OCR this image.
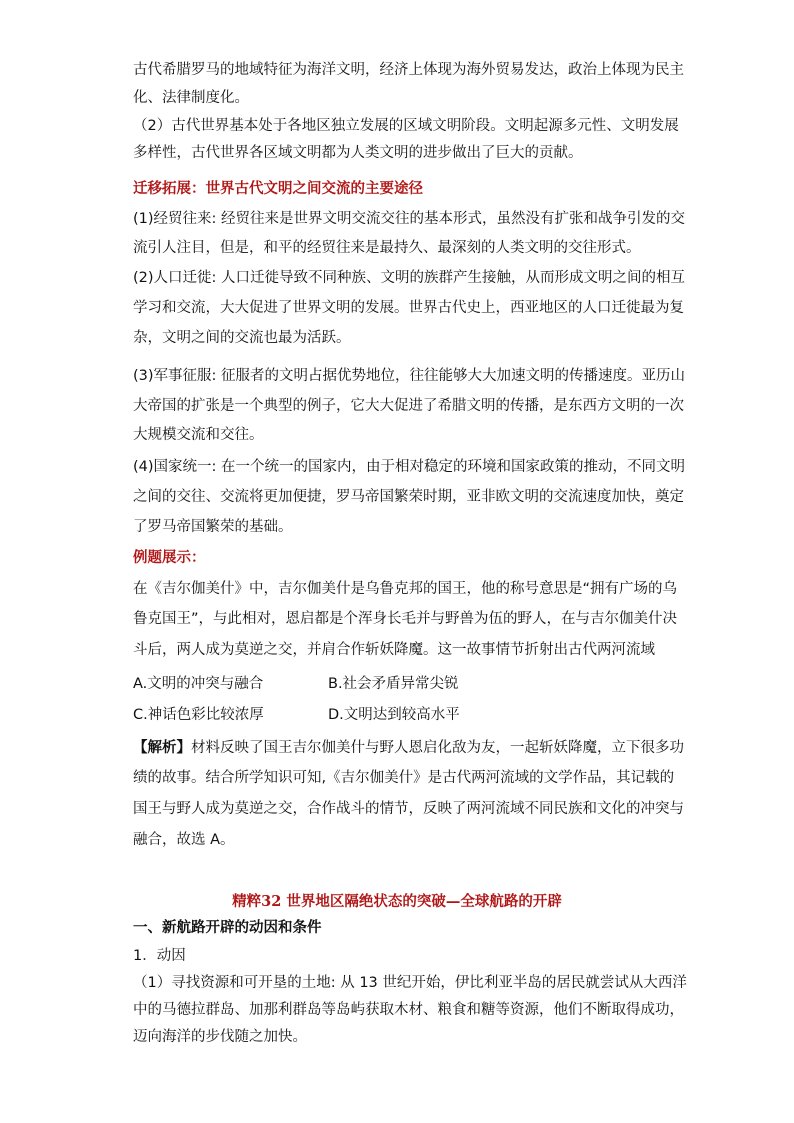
古代希腊罗马的地域特征为海洋文明，经济上体现为海外贸易发达，政治上体现为民主
化、法律制度化。
（2）古代世界基本处于各地区独立发展的区域文明阶段。文明起源多元性、文明发展
多样性，古代世界各区域文明都为人类文明的进步做出了巨大的贡献。
迁移拓展：世界古代文明之间交流的主要途径
(1)经贸往来: 经贸往来是世界文明交流交往的基本形式，虽然没有扩张和战争引发的交
流引人注目，但是，和平的经贸往来是最持久、最深刻的人类文明的交往形式。
(2)人口迁徙: 人口迁徙导致不同种族、文明的族群产生接触，从而形成文明之间的相互
学习和交流，大大促进了世界文明的发展。世界古代史上，西亚地区的人口迁徙最为复
杂，文明之间的交流也最为活跃。
(3)军事征服: 征服者的文明占据优势地位，往往能够大大加速文明的传播速度。亚历山
大帝国的扩张是一个典型的例子，它大大促进了希腊文明的传播，是东西方文明的一次
大规模交流和交往。
(4)国家统一: 在一个统一的国家内，由于相对稳定的环境和国家政策的推动，不同文明
之间的交往、交流将更加便捷，罗马帝国繁荣时期，亚非欧文明的交流速度加快，奠定
了罗马帝国繁荣的基础。
例题展示：
在《吉尔伽美什》中，吉尔伽美什是乌鲁克邦的国王，他的称号意思是“拥有广场的乌
鲁克国王”，与此相对，恩启都是个浑身长毛并与野兽为伍的野人，在与吉尔伽美什决
斗后，两人成为莫逆之交，并肩合作斩妖降魔。这一故事情节折射出古代两河流域
A.文明的冲突与融合	B.社会矛盾异常尖锐
C.神话色彩比较浓厚	D.文明达到较高水平
【解析】材料反映了国王吉尔伽美什与野人恩启化敌为友，一起斩妖降魔，立下很多功
绩的故事。结合所学知识可知,《吉尔伽美什》是古代两河流域的文学作品，其记载的
国王与野人成为莫逆之交，合作战斗的情节，反映了两河流域不同民族和文化的冲突与
融合，故选 A。
精粹32 世界地区隔绝状态的突破—全球航路的开辟
一、新航路开辟的动因和条件
1．动因
（1）寻找资源和可开垦的土地: 从 13 世纪开始，伊比利亚半岛的居民就尝试从大西洋
中的马德拉群岛、加那利群岛等岛屿获取木材、粮食和糖等资源，他们不断取得成功，
迈向海洋的步伐随之加快。
